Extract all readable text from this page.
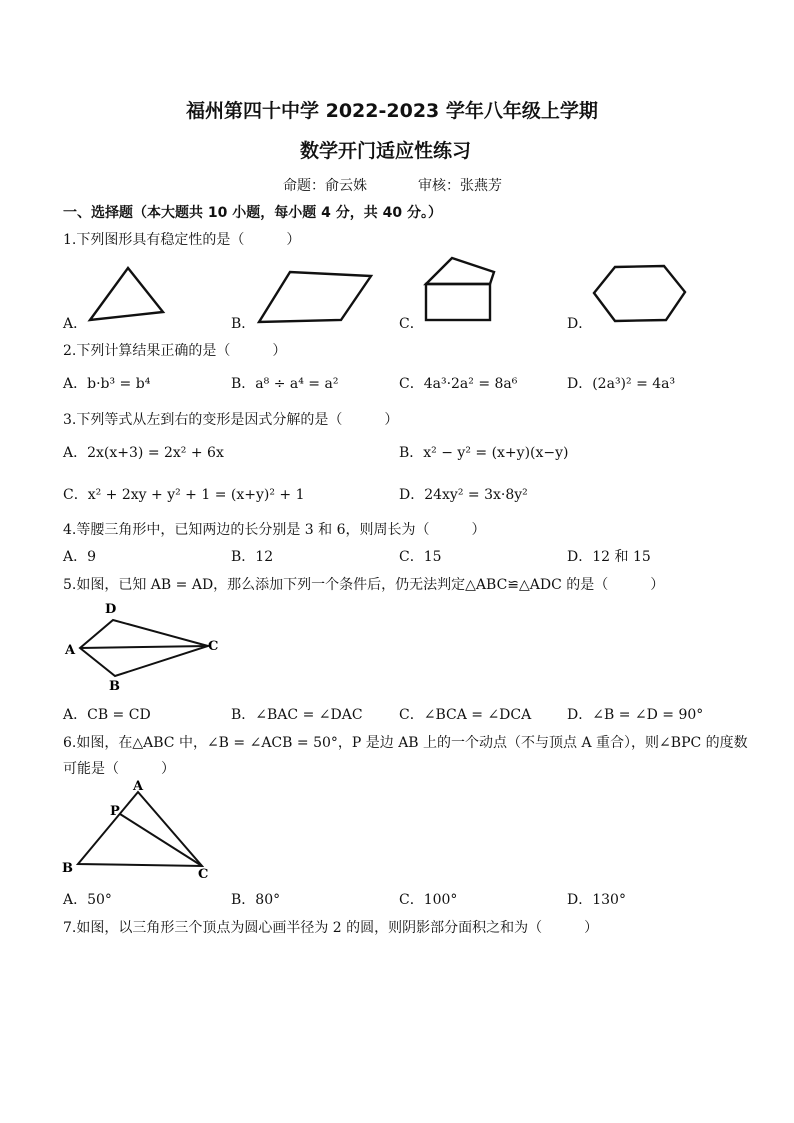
福州第四十中学 2022-2023 学年八年级上学期
数学开门适应性练习
命题：俞云姝	审核：张燕芳
一、选择题（本大题共 10 小题，每小题 4 分，共 40 分。）
1.下列图形具有稳定性的是（　　　）
A．	B．	C．	D．
2.下列计算结果正确的是（　　　）
A．b·b³ = b⁴	B．a⁸ ÷ a⁴ = a²	C．4a³·2a² = 8a⁶	D．(2a³)² = 4a³
3.下列等式从左到右的变形是因式分解的是（　　　）
A．2x(x+3) = 2x² + 6x	B．x² − y² = (x+y)(x−y)
C．x² + 2xy + y² + 1 = (x+y)² + 1	D．24xy² = 3x·8y²
4.等腰三角形中，已知两边的长分别是 3 和 6，则周长为（　　　）
A．9	B．12	C．15	D．12 和 15
5.如图，已知 AB = AD，那么添加下列一个条件后，仍无法判定△ABC≌△ADC 的是（　　　）
D
A	C
B
A．CB = CD	B．∠BAC = ∠DAC	C．∠BCA = ∠DCA	D．∠B = ∠D = 90°
6.如图，在△ABC 中，∠B = ∠ACB = 50°，P 是边 AB 上的一个动点（不与顶点 A 重合），则∠BPC 的度数
可能是（　　　）
A
P
B	C
A．50°	B．80°	C．100°	D．130°
7.如图，以三角形三个顶点为圆心画半径为 2 的圆，则阴影部分面积之和为（　　　）
